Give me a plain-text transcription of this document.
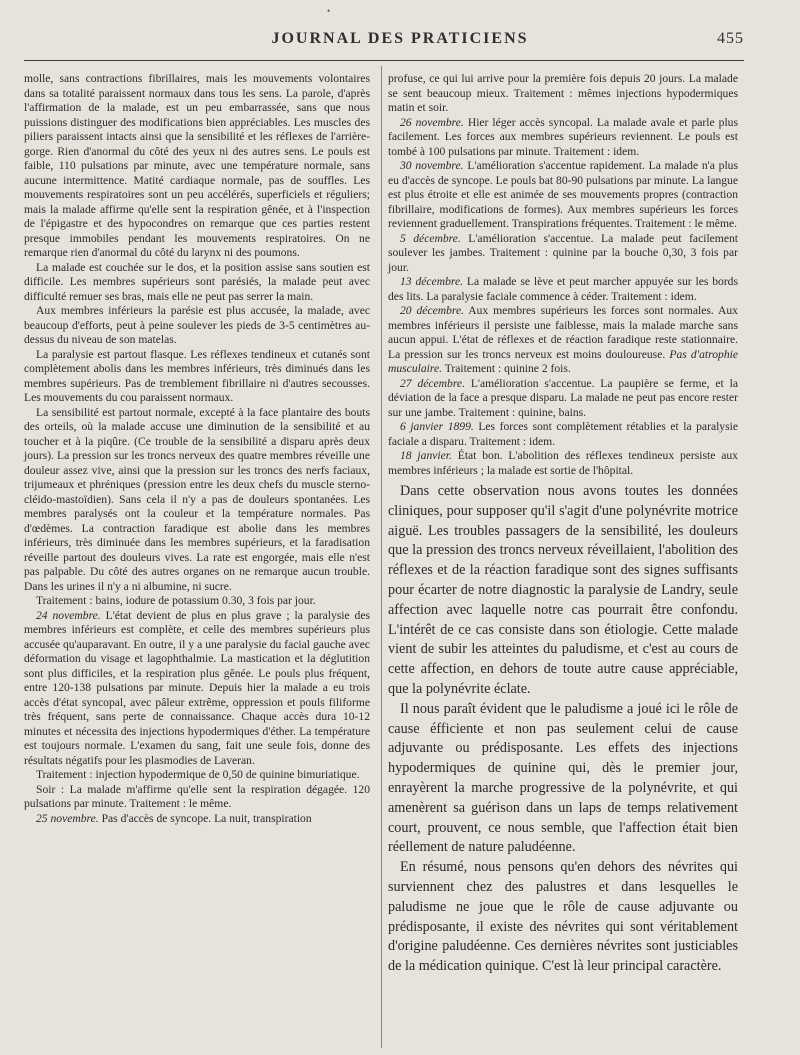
•
JOURNAL DES PRATICIENS	455

molle, sans contractions fibrillaires, mais les mouvements volontaires dans sa totalité paraissent normaux dans tous les sens. La parole, d'après l'affirmation de la malade, est un peu embarrassée, sans que nous puissions distinguer des modifications bien appréciables. Les muscles des piliers paraissent intacts ainsi que la sensibilité et les réflexes de l'arrière-gorge. Rien d'anormal du côté des yeux ni des autres sens. Le pouls est faible, 110 pulsations par minute, avec une température normale, sans aucune intermittence. Matité cardiaque normale, pas de souffles. Les mouvements respiratoires sont un peu accélérés, superficiels et réguliers; mais la malade affirme qu'elle sent la respiration gênée, et à l'inspection de l'épigastre et des hypocondres on remarque que ces parties restent presque immobiles pendant les mouvements respiratoires. On ne remarque rien d'anormal du côté du larynx ni des poumons.

La malade est couchée sur le dos, et la position assise sans soutien est difficile. Les membres supérieurs sont parésiés, la malade peut avec difficulté remuer ses bras, mais elle ne peut pas serrer la main.

Aux membres inférieurs la parésie est plus accusée, la malade, avec beaucoup d'efforts, peut à peine soulever les pieds de 3-5 centimètres au-dessus du niveau de son matelas.

La paralysie est partout flasque. Les réflexes tendineux et cutanés sont complètement abolis dans les membres inférieurs, très diminués dans les membres supérieurs. Pas de tremblement fibrillaire ni d'autres secousses. Les mouvements du cou paraissent normaux.

La sensibilité est partout normale, excepté à la face plantaire des bouts des orteils, où la malade accuse une diminution de la sensibilité et au toucher et à la piqûre. (Ce trouble de la sensibilité a disparu après deux jours). La pression sur les troncs nerveux des quatre membres réveille une douleur assez vive, ainsi que la pression sur les troncs des nerfs faciaux, trijumeaux et phréniques (pression entre les deux chefs du muscle sterno-cléido-mastoïdien). Sans cela il n'y a pas de douleurs spontanées. Les membres paralysés ont la couleur et la température normales. Pas d'œdèmes. La contraction faradique est abolie dans les membres inférieurs, très diminuée dans les membres supérieurs, et la faradisation réveille partout des douleurs vives. La rate est engorgée, mais elle n'est pas palpable. Du côté des autres organes on ne remarque aucun trouble. Dans les urines il n'y a ni albumine, ni sucre.

Traitement : bains, iodure de potassium 0.30, 3 fois par jour.

24 novembre. L'état devient de plus en plus grave ; la paralysie des membres inférieurs est complète, et celle des membres supérieurs plus accusée qu'auparavant. En outre, il y a une paralysie du facial gauche avec déformation du visage et lagophthalmie. La mastication et la déglutition sont plus difficiles, et la respiration plus gênée. Le pouls plus fréquent, entre 120-138 pulsations par minute. Depuis hier la malade a eu trois accès d'état syncopal, avec pâleur extrême, oppression et pouls filiforme très fréquent, sans perte de connaissance. Chaque accès dura 10-12 minutes et nécessita des injections hypodermiques d'éther. La température est toujours normale. L'examen du sang, fait une seule fois, donne des résultats négatifs pour les plasmodies de Laveran.

Traitement : injection hypodermique de 0,50 de quinine bimuriatique.

Soir : La malade m'affirme qu'elle sent la respiration dégagée. 120 pulsations par minute. Traitement : le même.

25 novembre. Pas d'accès de syncope. La nuit, transpiration

profuse, ce qui lui arrive pour la première fois depuis 20 jours. La malade se sent beaucoup mieux. Traitement : mêmes injections hypodermiques matin et soir.

26 novembre. Hier léger accès syncopal. La malade avale et parle plus facilement. Les forces aux membres supérieurs reviennent. Le pouls est tombé à 100 pulsations par minute. Traitement : idem.

30 novembre. L'amélioration s'accentue rapidement. La malade n'a plus eu d'accès de syncope. Le pouls bat 80-90 pulsations par minute. La langue est plus étroite et elle est animée de ses mouvements propres (contraction fibrillaire, modifications de formes). Aux membres supérieurs les forces reviennent graduellement. Transpirations fréquentes. Traitement : le même.

5 décembre. L'amélioration s'accentue. La malade peut facilement soulever les jambes. Traitement : quinine par la bouche 0,30, 3 fois par jour.

13 décembre. La malade se lève et peut marcher appuyée sur les bords des lits. La paralysie faciale commence à céder. Traitement : idem.

20 décembre. Aux membres supérieurs les forces sont normales. Aux membres inférieurs il persiste une faiblesse, mais la malade marche sans aucun appui. L'état de réflexes et de réaction faradique reste stationnaire. La pression sur les troncs nerveux est moins douloureuse. Pas d'atrophie musculaire. Traitement : quinine 2 fois.

27 décembre. L'amélioration s'accentue. La paupière se ferme, et la déviation de la face a presque disparu. La malade ne peut pas encore rester sur une jambe. Traitement : quinine, bains.

6 janvier 1899. Les forces sont complètement rétablies et la paralysie faciale a disparu. Traitement : idem.

18 janvier. État bon. L'abolition des réflexes tendineux persiste aux membres inférieurs ; la malade est sortie de l'hôpital.

Dans cette observation nous avons toutes les données cliniques, pour supposer qu'il s'agit d'une polynévrite motrice aiguë. Les troubles passagers de la sensibilité, les douleurs que la pression des troncs nerveux réveillaient, l'abolition des réflexes et de la réaction faradique sont des signes suffisants pour écarter de notre diagnostic la paralysie de Landry, seule affection avec laquelle notre cas pourrait être confondu. L'intérêt de ce cas consiste dans son étiologie. Cette malade vient de subir les atteintes du paludisme, et c'est au cours de cette affection, en dehors de toute autre cause appréciable, que la polynévrite éclate.

Il nous paraît évident que le paludisme a joué ici le rôle de cause éfficiente et non pas seulement celui de cause adjuvante ou prédisposante. Les effets des injections hypodermiques de quinine qui, dès le premier jour, enrayèrent la marche progressive de la polynévrite, et qui amenèrent sa guérison dans un laps de temps relativement court, prouvent, ce nous semble, que l'affection était bien réellement de nature paludéenne.

En résumé, nous pensons qu'en dehors des névrites qui surviennent chez des palustres et dans lesquelles le paludisme ne joue que le rôle de cause adjuvante ou prédisposante, il existe des névrites qui sont véritablement d'origine paludéenne. Ces dernières névrites sont justiciables de la médication quinique. C'est là leur principal caractère.
